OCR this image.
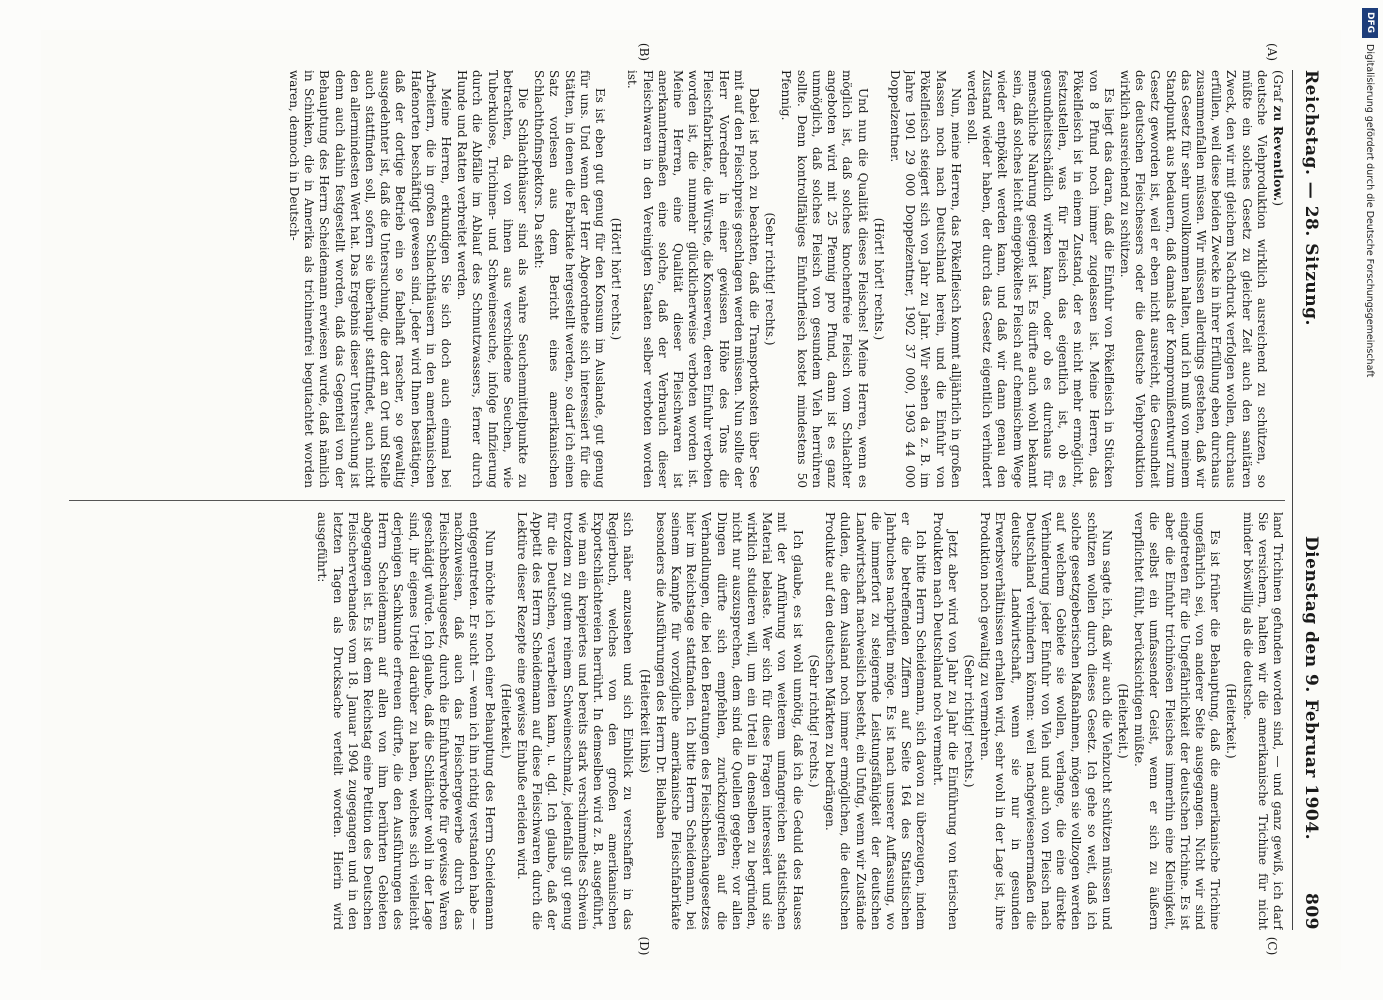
Reichstag. — 28. Sitzung.
Dienstag den 9. Februar 1904.
809
(A)
(B)
(C)
(D)

(Graf zu Reventlow.)

deutsche Viehproduktion wirklich ausreichend zu schützen, so müßte ein solches Gesetz zu gleicher Zeit auch den sanitären Zweck, den wir mit gleichem Nachdruck verfolgen wollen, durchaus erfüllen, weil diese beiden Zwecke in ihrer Erfüllung eben durchaus zusammenfallen müssen. Wir müssen allerdings gestehen, daß wir das Gesetz für sehr unvollkommen halten, und ich muß von meinem Standpunkt aus bedauern, daß damals der Kompromißentwurf zum Gesetz geworden ist, weil er eben nicht ausreicht, die Gesundheit des deutschen Fleischessers oder die deutsche Viehproduktion wirklich ausreichend zu schützen.

Es liegt das daran, daß die Einfuhr von Pökelfleisch in Stücken von 8 Pfund noch immer zugelassen ist. Meine Herren, das Pökelfleisch ist in einem Zustand, der es nicht mehr ermöglicht, festzustellen, was für Fleisch das eigentlich ist, ob es gesundheitsschädlich wirken kann, oder ob es durchaus für menschliche Nahrung geeignet ist. Es dürfte auch wohl bekannt sein, daß solches leicht eingepökeltes Fleisch auf chemischem Wege wieder entpökelt werden kann, und daß wir dann genau den Zustand wieder haben, der durch das Gesetz eigentlich verhindert werden soll.

Nun, meine Herren, das Pökelfleisch kommt alljährlich in großen Massen noch nach Deutschland herein, und die Einfuhr von Pökelfleisch steigert sich von Jahr zu Jahr. Wir sehen da z. B. im Jahre 1901 29 000 Doppelzentner, 1902 37 000, 1903 44 000 Doppelzentner.

(Hört! hört! rechts.)

Und nun die Qualität dieses Fleisches! Meine Herren, wenn es möglich ist, daß solches knochenfreie Fleisch vom Schlachter angeboten wird mit 25 Pfennig pro Pfund, dann ist es ganz unmöglich, daß solches Fleisch von gesundem Vieh herrühren sollte. Denn kontrollfähiges Einfuhrfleisch kostet mindestens 50 Pfennig.

(Sehr richtig! rechts.)

Dabei ist noch zu beachten, daß die Transportkosten über See mit auf den Fleischpreis geschlagen werden müssen. Nun sollte der Herr Vorredner in einer gewissen Höhe des Tons die Fleischfabrikate, die Würste, die Konserven, deren Einfuhr verboten worden ist, die nunmehr glücklicherweise verboten worden ist. Meine Herren, eine Qualität dieser Fleischwaren ist anerkanntermaßen eine solche, daß der Verbrauch dieser Fleischwaren in den Vereinigten Staaten selber verboten worden ist.

(Hört! hört! rechts.)

Es ist eben gut genug für den Konsum im Auslande, gut genug für uns. Und wenn der Herr Abgeordnete sich interessiert für die Stätten, in denen die Fabrikate hergestellt werden, so darf ich einen Satz vorlesen aus dem Bericht eines amerikanischen Schlachthofinspektors. Da steht:

Die Schlachthäuser sind als wahre Seuchenmittelpunkte zu betrachten, da von ihnen aus verschiedene Seuchen, wie Tuberkulose, Trichinen- und Schweineseuche, infolge Infizierung durch die Abfälle im Ablauf des Schmutzwassers, ferner durch Hunde und Ratten verbreitet werden.

Meine Herren, erkundigen Sie sich doch auch einmal bei Arbeitern, die in großen Schlachthäusern in den amerikanischen Hafenorten beschäftigt gewesen sind. Jeder wird Ihnen bestätigen, daß der dortige Betrieb ein so fabelhaft rascher, so gewaltig ausgedehnter ist, daß die Untersuchung, die dort an Ort und Stelle auch stattfinden soll, sofern sie überhaupt stattfindet, auch nicht den allermindesten Wert hat. Das Ergebnis dieser Untersuchung ist denn auch dahin festgestellt worden, daß das Gegenteil von der Behauptung des Herrn Scheidemann erwiesen wurde, daß nämlich in Schinken, die in Amerika als trichinenfrei begutachtet worden waren, dennoch in Deutsch-

land Trichinen gefunden worden sind, — und ganz gewiß, ich darf Sie versichern, halten wir die amerikanische Trichine für nicht minder böswillig als die deutsche.

(Heiterkeit.)

Es ist früher die Behauptung, daß die amerikanische Trichine ungefährlich sei, von anderer Seite ausgegangen. Nicht wir sind eingetreten für die Ungefährlichkeit der deutschen Trichine. Es ist aber die Einfuhr trichinösen Fleisches immerhin eine Kleinigkeit, die selbst ein umfassender Geist, wenn er sich zu äußern verpflichtet fühlt, berücksichtigen müßte.

(Heiterkeit.)

Nun sagte ich, daß wir auch die Viehzucht schützen müssen und schützen wollen durch dieses Gesetz. Ich gehe so weit, daß ich solche gesetzgeberischen Maßnahmen, mögen sie vollzogen werden auf welchem Gebiete sie wollen, verlange, die eine direkte Verhinderung jeder Einfuhr von Vieh und auch von Fleisch nach Deutschland verhindern können: weil nachgewiesenermaßen die deutsche Landwirtschaft, wenn sie nur in gesunden Erwerbsverhältnissen erhalten wird, sehr wohl in der Lage ist, ihre Produktion noch gewaltig zu vermehren.

(Sehr richtig! rechts.)

Jetzt aber wird von Jahr zu Jahr die Einführung von tierischen Produkten nach Deutschland noch vermehrt.

Ich bitte Herrn Scheidemann, sich davon zu überzeugen, indem er die betreffenden Ziffern auf Seite 164 des Statistischen Jahrbuches nachprüfen möge. Es ist nach unserer Auffassung, wo die immerfort zu steigernde Leistungsfähigkeit der deutschen Landwirtschaft nachweislich besteht, ein Unfug, wenn wir Zustände dulden, die dem Ausland noch immer ermöglichen, die deutschen Produkte auf den deutschen Märkten zu bedrängen.

(Sehr richtig! rechts.)

Ich glaube, es ist wohl unnötig, daß ich die Geduld des Hauses mit der Anführung von weiterem umfangreichen statistischen Material belaste. Wer sich für diese Fragen interessiert und sie wirklich studieren will, um ein Urteil in denselben zu begründen, nicht nur auszusprechen, dem sind die Quellen gegeben; vor allen Dingen dürfte sich empfehlen, zurückzugreifen auf die Verhandlungen, die bei den Beratungen des Fleischbeschaugesetzes hier im Reichstage stattfanden. Ich bitte Herrn Scheidemann, bei seinem Kampfe für vorzügliche amerikanische Fleischfabrikate besonders die Ausführungen des Herrn Dr. Bielhaben

(Heiterkeit links)

sich näher anzusehen und sich Einblick zu verschaffen in das Regierbuch, welches von den großen amerikanischen Exportschlächtereien herrührt. In demselben wird z. B. ausgeführt, wie man ein krepiertes und bereits stark verschimmeltes Schwein trotzdem zu gutem reinem Schweineschmalz, jedenfalls gut genug für die Deutschen, verarbeiten kann, u. dgl. Ich glaube, daß der Appetit des Herrn Scheidemann auf diese Fleischwaren durch die Lektüre dieser Rezepte eine gewisse Einbuße erleiden wird.

(Heiterkeit.)

Nun möchte ich noch einer Behauptung des Herrn Scheidemann entgegentreten. Er sucht — wenn ich ihn richtig verstanden habe — nachzuweisen, daß auch das Fleischergewerbe durch das Fleischbeschaugesetz, durch die Einfuhrverbote für gewisse Waren geschädigt würde. Ich glaube, daß die Schlächter wohl in der Lage sind, ihr eigenes Urteil darüber zu haben, welches sich vielleicht derjenigen Sachkunde erfreuen dürfte, die den Ausführungen des Herrn Scheidemann auf allen von ihm berührten Gebieten abgegangen ist. Es ist dem Reichstag eine Petition des Deutschen Fleischerverbandes vom 18. Januar 1904 zugegangen und in den letzten Tagen als Drucksache verteilt worden. Hierin wird ausgeführt:

DFG
Digitalisierung gefördert durch die Deutsche Forschungsgemeinschaft
